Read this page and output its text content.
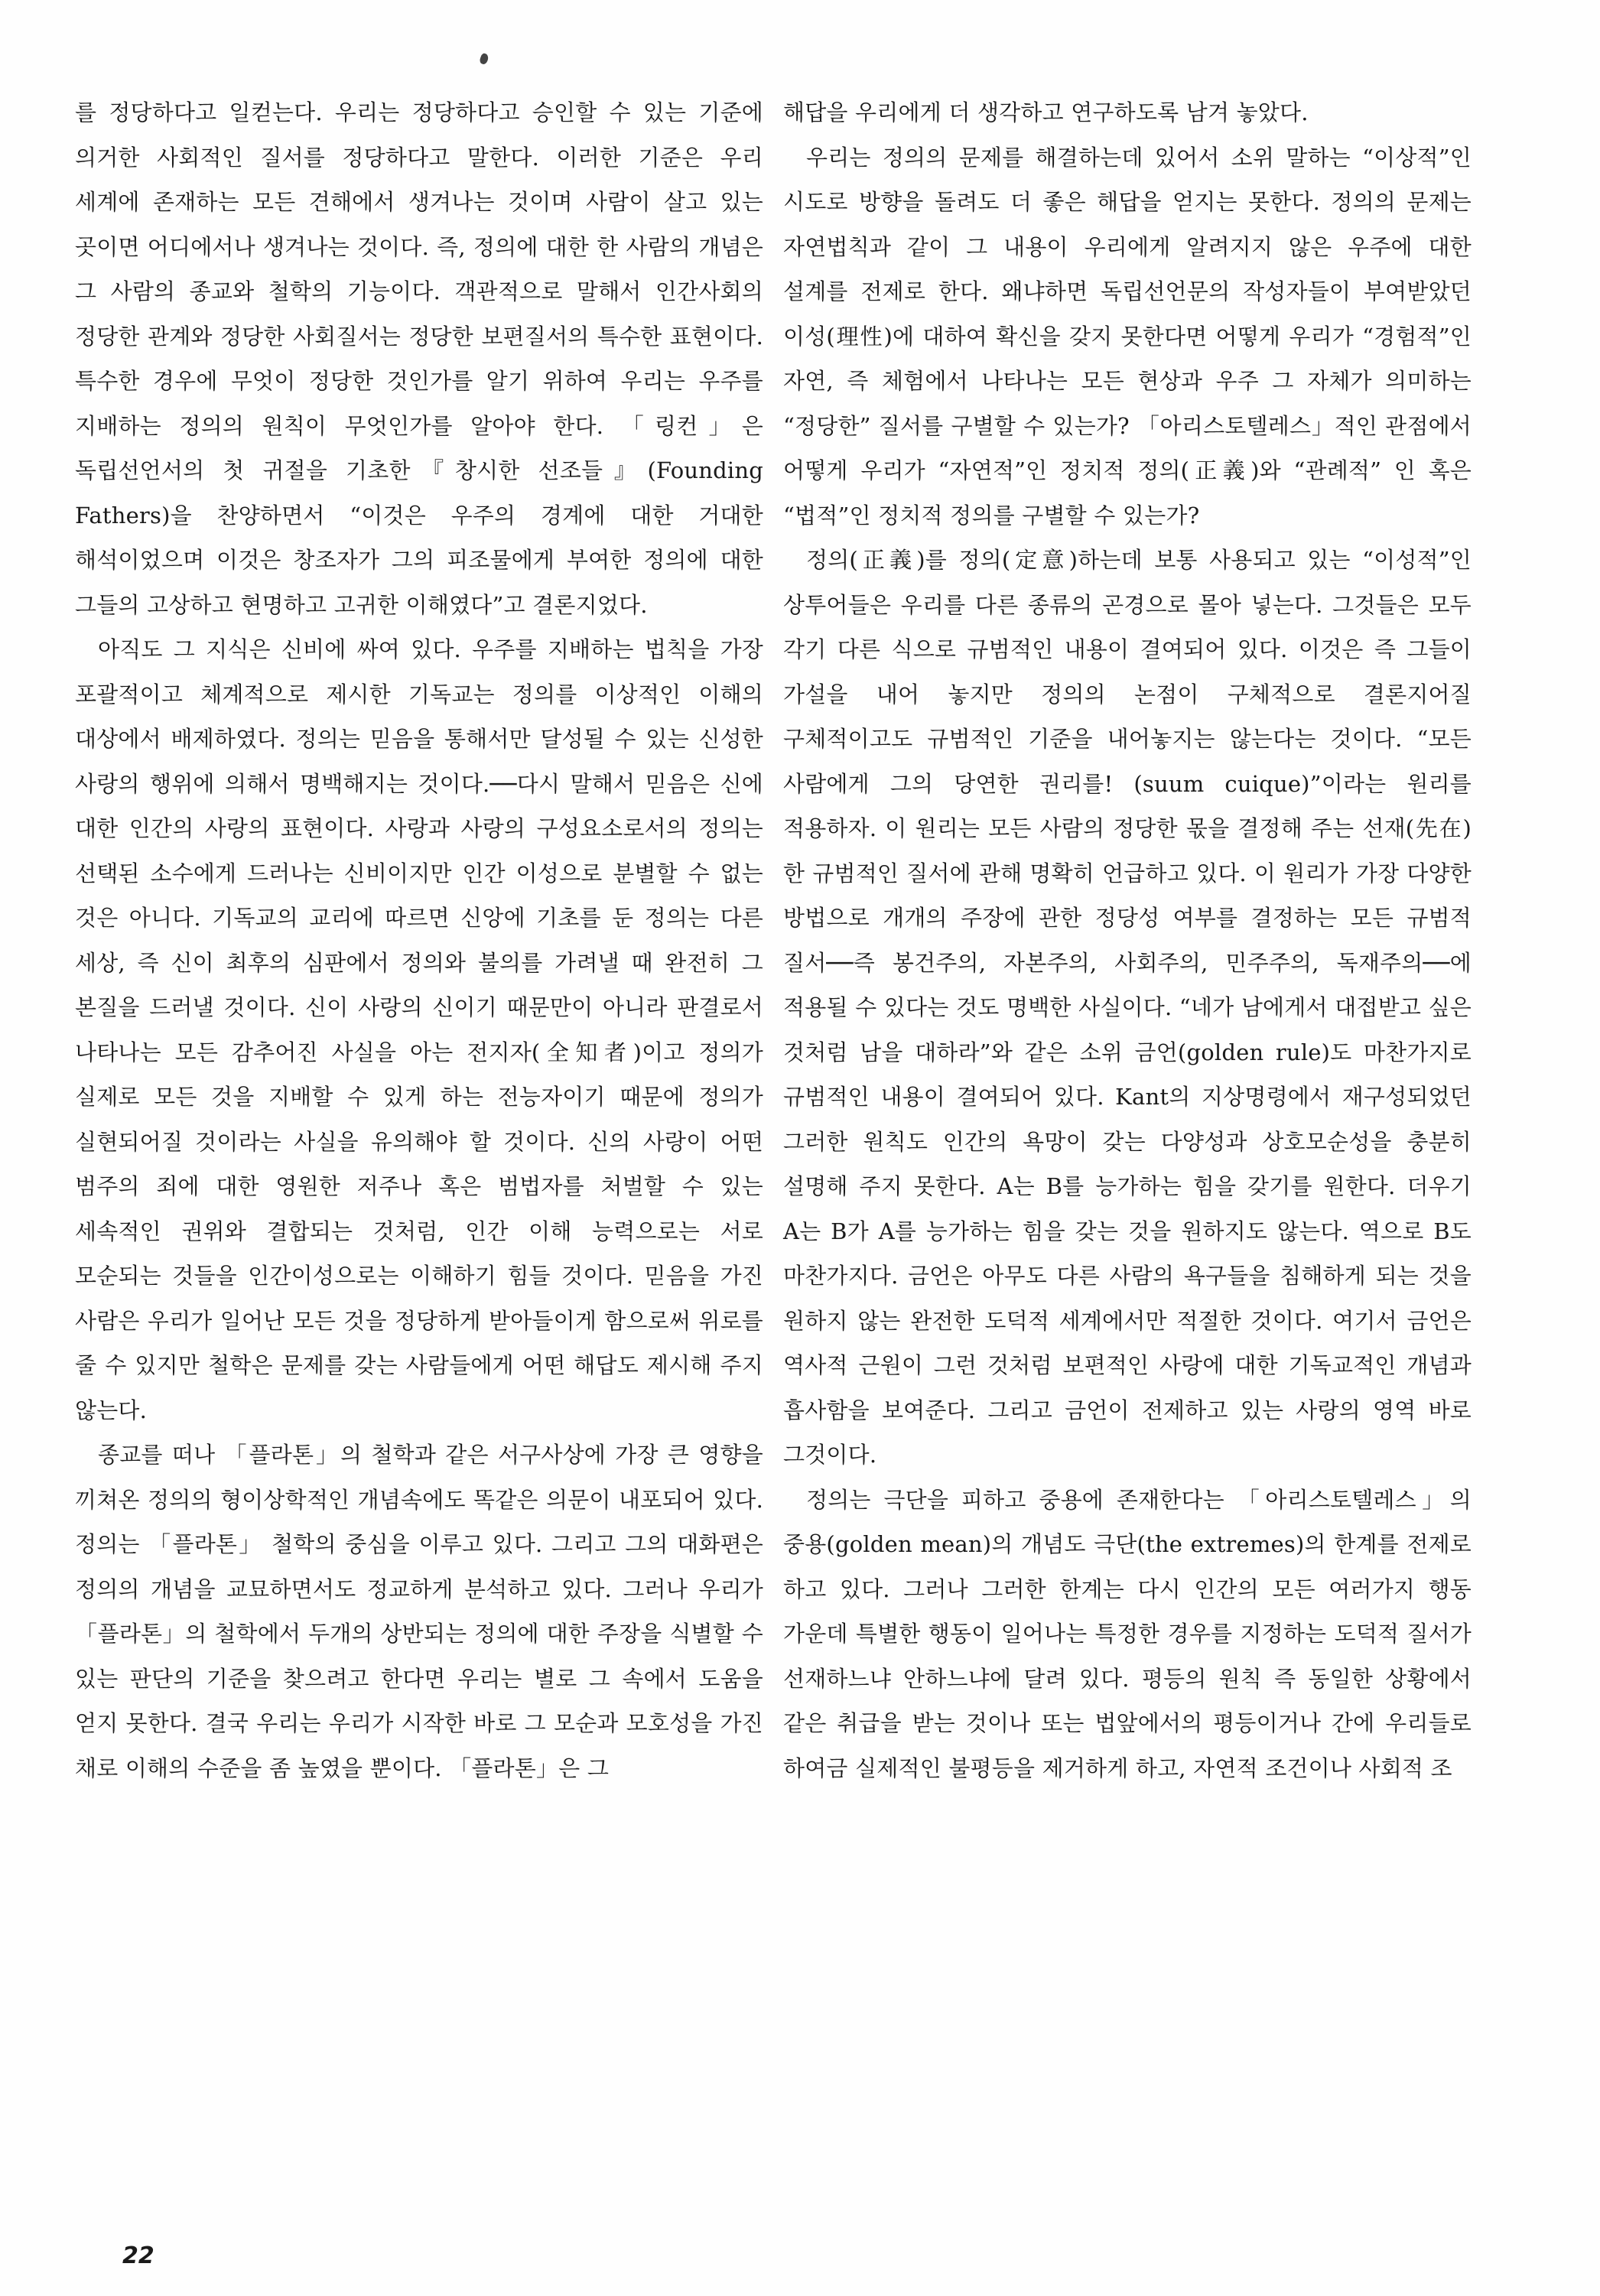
를 정당하다고 일컫는다. 우리는 정당하다고 승인할 수 있는 기준에 의거한 사회적인 질서를 정당하다고 말한다. 이러한 기준은 우리 세계에 존재하는 모든 견해에서 생겨나는 것이며 사람이 살고 있는 곳이면 어디에서나 생겨나는 것이다. 즉, 정의에 대한 한 사람의 개념은 그 사람의 종교와 철학의 기능이다. 객관적으로 말해서 인간사회의 정당한 관계와 정당한 사회질서는 정당한 보편질서의 특수한 표현이다. 특수한 경우에 무엇이 정당한 것인가를 알기 위하여 우리는 우주를 지배하는 정의의 원칙이 무엇인가를 알아야 한다. 「링컨」은 독립선언서의 첫 귀절을 기초한『창시한 선조들』(Founding Fathers)을 찬양하면서 “이것은 우주의 경계에 대한 거대한 해석이었으며 이것은 창조자가 그의 피조물에게 부여한 정의에 대한 그들의 고상하고 현명하고 고귀한 이해였다”고 결론지었다.

아직도 그 지식은 신비에 싸여 있다. 우주를 지배하는 법칙을 가장 포괄적이고 체계적으로 제시한 기독교는 정의를 이상적인 이해의 대상에서 배제하였다. 정의는 믿음을 통해서만 달성될 수 있는 신성한 사랑의 행위에 의해서 명백해지는 것이다.──다시 말해서 믿음은 신에 대한 인간의 사랑의 표현이다. 사랑과 사랑의 구성요소로서의 정의는 선택된 소수에게 드러나는 신비이지만 인간 이성으로 분별할 수 없는 것은 아니다. 기독교의 교리에 따르면 신앙에 기초를 둔 정의는 다른 세상, 즉 신이 최후의 심판에서 정의와 불의를 가려낼 때 완전히 그 본질을 드러낼 것이다. 신이 사랑의 신이기 때문만이 아니라 판결로서 나타나는 모든 감추어진 사실을 아는 전지자(全知者)이고 정의가 실제로 모든 것을 지배할 수 있게 하는 전능자이기 때문에 정의가 실현되어질 것이라는 사실을 유의해야 할 것이다. 신의 사랑이 어떤 범주의 죄에 대한 영원한 저주나 혹은 범법자를 처벌할 수 있는 세속적인 권위와 결합되는 것처럼, 인간 이해 능력으로는 서로 모순되는 것들을 인간이성으로는 이해하기 힘들 것이다. 믿음을 가진 사람은 우리가 일어난 모든 것을 정당하게 받아들이게 함으로써 위로를 줄 수 있지만 철학은 문제를 갖는 사람들에게 어떤 해답도 제시해 주지 않는다.

종교를 떠나 「플라톤」의 철학과 같은 서구사상에 가장 큰 영향을 끼쳐온 정의의 형이상학적인 개념속에도 똑같은 의문이 내포되어 있다. 정의는 「플라톤」 철학의 중심을 이루고 있다. 그리고 그의 대화편은 정의의 개념을 교묘하면서도 정교하게 분석하고 있다. 그러나 우리가 「플라톤」의 철학에서 두개의 상반되는 정의에 대한 주장을 식별할 수 있는 판단의 기준을 찾으려고 한다면 우리는 별로 그 속에서 도움을 얻지 못한다. 결국 우리는 우리가 시작한 바로 그 모순과 모호성을 가진 채로 이해의 수준을 좀 높였을 뿐이다. 「플라톤」은 그

해답을 우리에게 더 생각하고 연구하도록 남겨 놓았다.

우리는 정의의 문제를 해결하는데 있어서 소위 말하는 “이상적”인 시도로 방향을 돌려도 더 좋은 해답을 얻지는 못한다. 정의의 문제는 자연법칙과 같이 그 내용이 우리에게 알려지지 않은 우주에 대한 설계를 전제로 한다. 왜냐하면 독립선언문의 작성자들이 부여받았던 이성(理性)에 대하여 확신을 갖지 못한다면 어떻게 우리가 “경험적”인 자연, 즉 체험에서 나타나는 모든 현상과 우주 그 자체가 의미하는 “정당한” 질서를 구별할 수 있는가? 「아리스토텔레스」적인 관점에서 어떻게 우리가 “자연적”인 정치적 정의(正義)와 “관례적” 인 혹은 “법적”인 정치적 정의를 구별할 수 있는가?

정의(正義)를 정의(定意)하는데 보통 사용되고 있는 “이성적”인 상투어들은 우리를 다른 종류의 곤경으로 몰아 넣는다. 그것들은 모두 각기 다른 식으로 규범적인 내용이 결여되어 있다. 이것은 즉 그들이 가설을 내어 놓지만 정의의 논점이 구체적으로 결론지어질 구체적이고도 규범적인 기준을 내어놓지는 않는다는 것이다. “모든 사람에게 그의 당연한 권리를! (suum cuique)”이라는 원리를 적용하자. 이 원리는 모든 사람의 정당한 몫을 결정해 주는 선재(先在)한 규범적인 질서에 관해 명확히 언급하고 있다. 이 원리가 가장 다양한 방법으로 개개의 주장에 관한 정당성 여부를 결정하는 모든 규범적 질서──즉 봉건주의, 자본주의, 사회주의, 민주주의, 독재주의──에 적용될 수 있다는 것도 명백한 사실이다. “네가 남에게서 대접받고 싶은 것처럼 남을 대하라”와 같은 소위 금언(golden rule)도 마찬가지로 규범적인 내용이 결여되어 있다. Kant의 지상명령에서 재구성되었던 그러한 원칙도 인간의 욕망이 갖는 다양성과 상호모순성을 충분히 설명해 주지 못한다. A는 B를 능가하는 힘을 갖기를 원한다. 더우기 A는 B가 A를 능가하는 힘을 갖는 것을 원하지도 않는다. 역으로 B도 마찬가지다. 금언은 아무도 다른 사람의 욕구들을 침해하게 되는 것을 원하지 않는 완전한 도덕적 세계에서만 적절한 것이다. 여기서 금언은 역사적 근원이 그런 것처럼 보편적인 사랑에 대한 기독교적인 개념과 흡사함을 보여준다. 그리고 금언이 전제하고 있는 사랑의 영역 바로 그것이다.

정의는 극단을 피하고 중용에 존재한다는 「아리스토텔레스」의 중용(golden mean)의 개념도 극단(the extremes)의 한계를 전제로 하고 있다. 그러나 그러한 한계는 다시 인간의 모든 여러가지 행동 가운데 특별한 행동이 일어나는 특정한 경우를 지정하는 도덕적 질서가 선재하느냐 안하느냐에 달려 있다. 평등의 원칙 즉 동일한 상황에서 같은 취급을 받는 것이나 또는 법앞에서의 평등이거나 간에 우리들로 하여금 실제적인 불평등을 제거하게 하고, 자연적 조건이나 사회적 조

22
